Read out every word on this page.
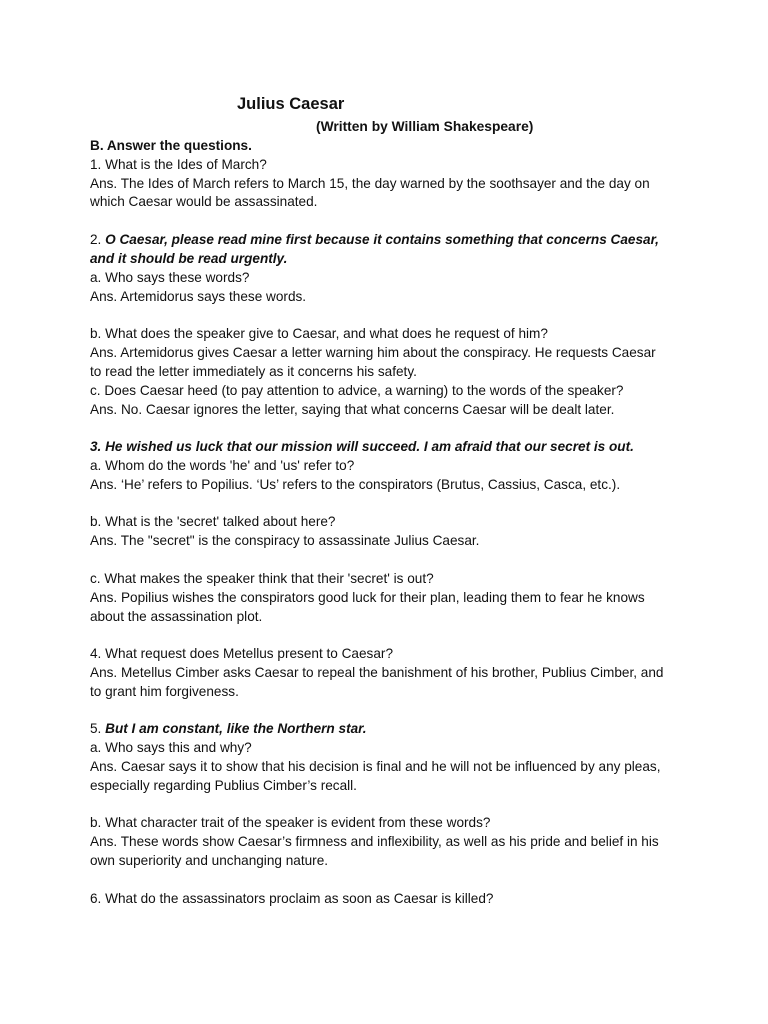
Julius Caesar
(Written by William Shakespeare)
B. Answer the questions.
1. What is the Ides of March?
Ans. The Ides of March refers to March 15, the day warned by the soothsayer and the day on
which Caesar would be assassinated.
2. O Caesar, please read mine first because it contains something that concerns Caesar,
and it should be read urgently.
a. Who says these words?
Ans. Artemidorus says these words.
b. What does the speaker give to Caesar, and what does he request of him?
Ans. Artemidorus gives Caesar a letter warning him about the conspiracy. He requests Caesar
to read the letter immediately as it concerns his safety.
c. Does Caesar heed (to pay attention to advice, a warning) to the words of the speaker?
Ans. No. Caesar ignores the letter, saying that what concerns Caesar will be dealt later.
3. He wished us luck that our mission will succeed. I am afraid that our secret is out.
a. Whom do the words 'he' and 'us' refer to?
Ans. ‘He’ refers to Popilius. ‘Us’ refers to the conspirators (Brutus, Cassius, Casca, etc.).
b. What is the 'secret' talked about here?
Ans. The "secret" is the conspiracy to assassinate Julius Caesar.
c. What makes the speaker think that their 'secret' is out?
Ans. Popilius wishes the conspirators good luck for their plan, leading them to fear he knows
about the assassination plot.
4. What request does Metellus present to Caesar?
Ans. Metellus Cimber asks Caesar to repeal the banishment of his brother, Publius Cimber, and
to grant him forgiveness.
5. But I am constant, like the Northern star.
a. Who says this and why?
Ans. Caesar says it to show that his decision is final and he will not be influenced by any pleas,
especially regarding Publius Cimber’s recall.
b. What character trait of the speaker is evident from these words?
Ans. These words show Caesar’s firmness and inflexibility, as well as his pride and belief in his
own superiority and unchanging nature.
6. What do the assassinators proclaim as soon as Caesar is killed?
